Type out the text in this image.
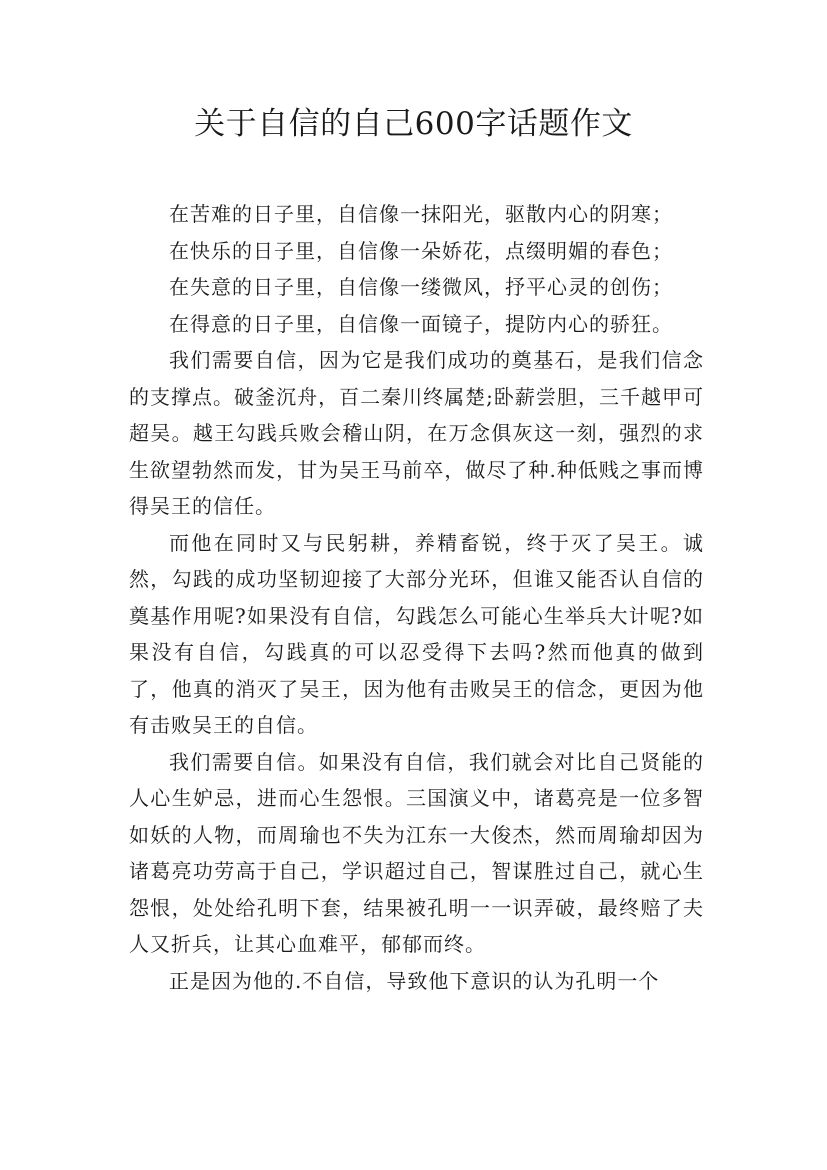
关于自信的自己600字话题作文

在苦难的日子里，自信像一抹阳光，驱散内心的阴寒；

在快乐的日子里，自信像一朵娇花，点缀明媚的春色；

在失意的日子里，自信像一缕微风，抒平心灵的创伤；

在得意的日子里，自信像一面镜子，提防内心的骄狂。

我们需要自信，因为它是我们成功的奠基石，是我们信念的支撑点。破釜沉舟，百二秦川终属楚;卧薪尝胆，三千越甲可超吴。越王勾践兵败会稽山阴，在万念俱灰这一刻，强烈的求生欲望勃然而发，甘为吴王马前卒，做尽了种.种低贱之事而博得吴王的信任。

而他在同时又与民躬耕，养精畜锐，终于灭了吴王。诚然，勾践的成功坚韧迎接了大部分光环，但谁又能否认自信的奠基作用呢?如果没有自信，勾践怎么可能心生举兵大计呢?如果没有自信，勾践真的可以忍受得下去吗?然而他真的做到了，他真的消灭了吴王，因为他有击败吴王的信念，更因为他有击败吴王的自信。

我们需要自信。如果没有自信，我们就会对比自己贤能的人心生妒忌，进而心生怨恨。三国演义中，诸葛亮是一位多智如妖的人物，而周瑜也不失为江东一大俊杰，然而周瑜却因为诸葛亮功劳高于自己，学识超过自己，智谋胜过自己，就心生怨恨，处处给孔明下套，结果被孔明一一识弄破，最终赔了夫人又折兵，让其心血难平，郁郁而终。

正是因为他的.不自信，导致他下意识的认为孔明一个
